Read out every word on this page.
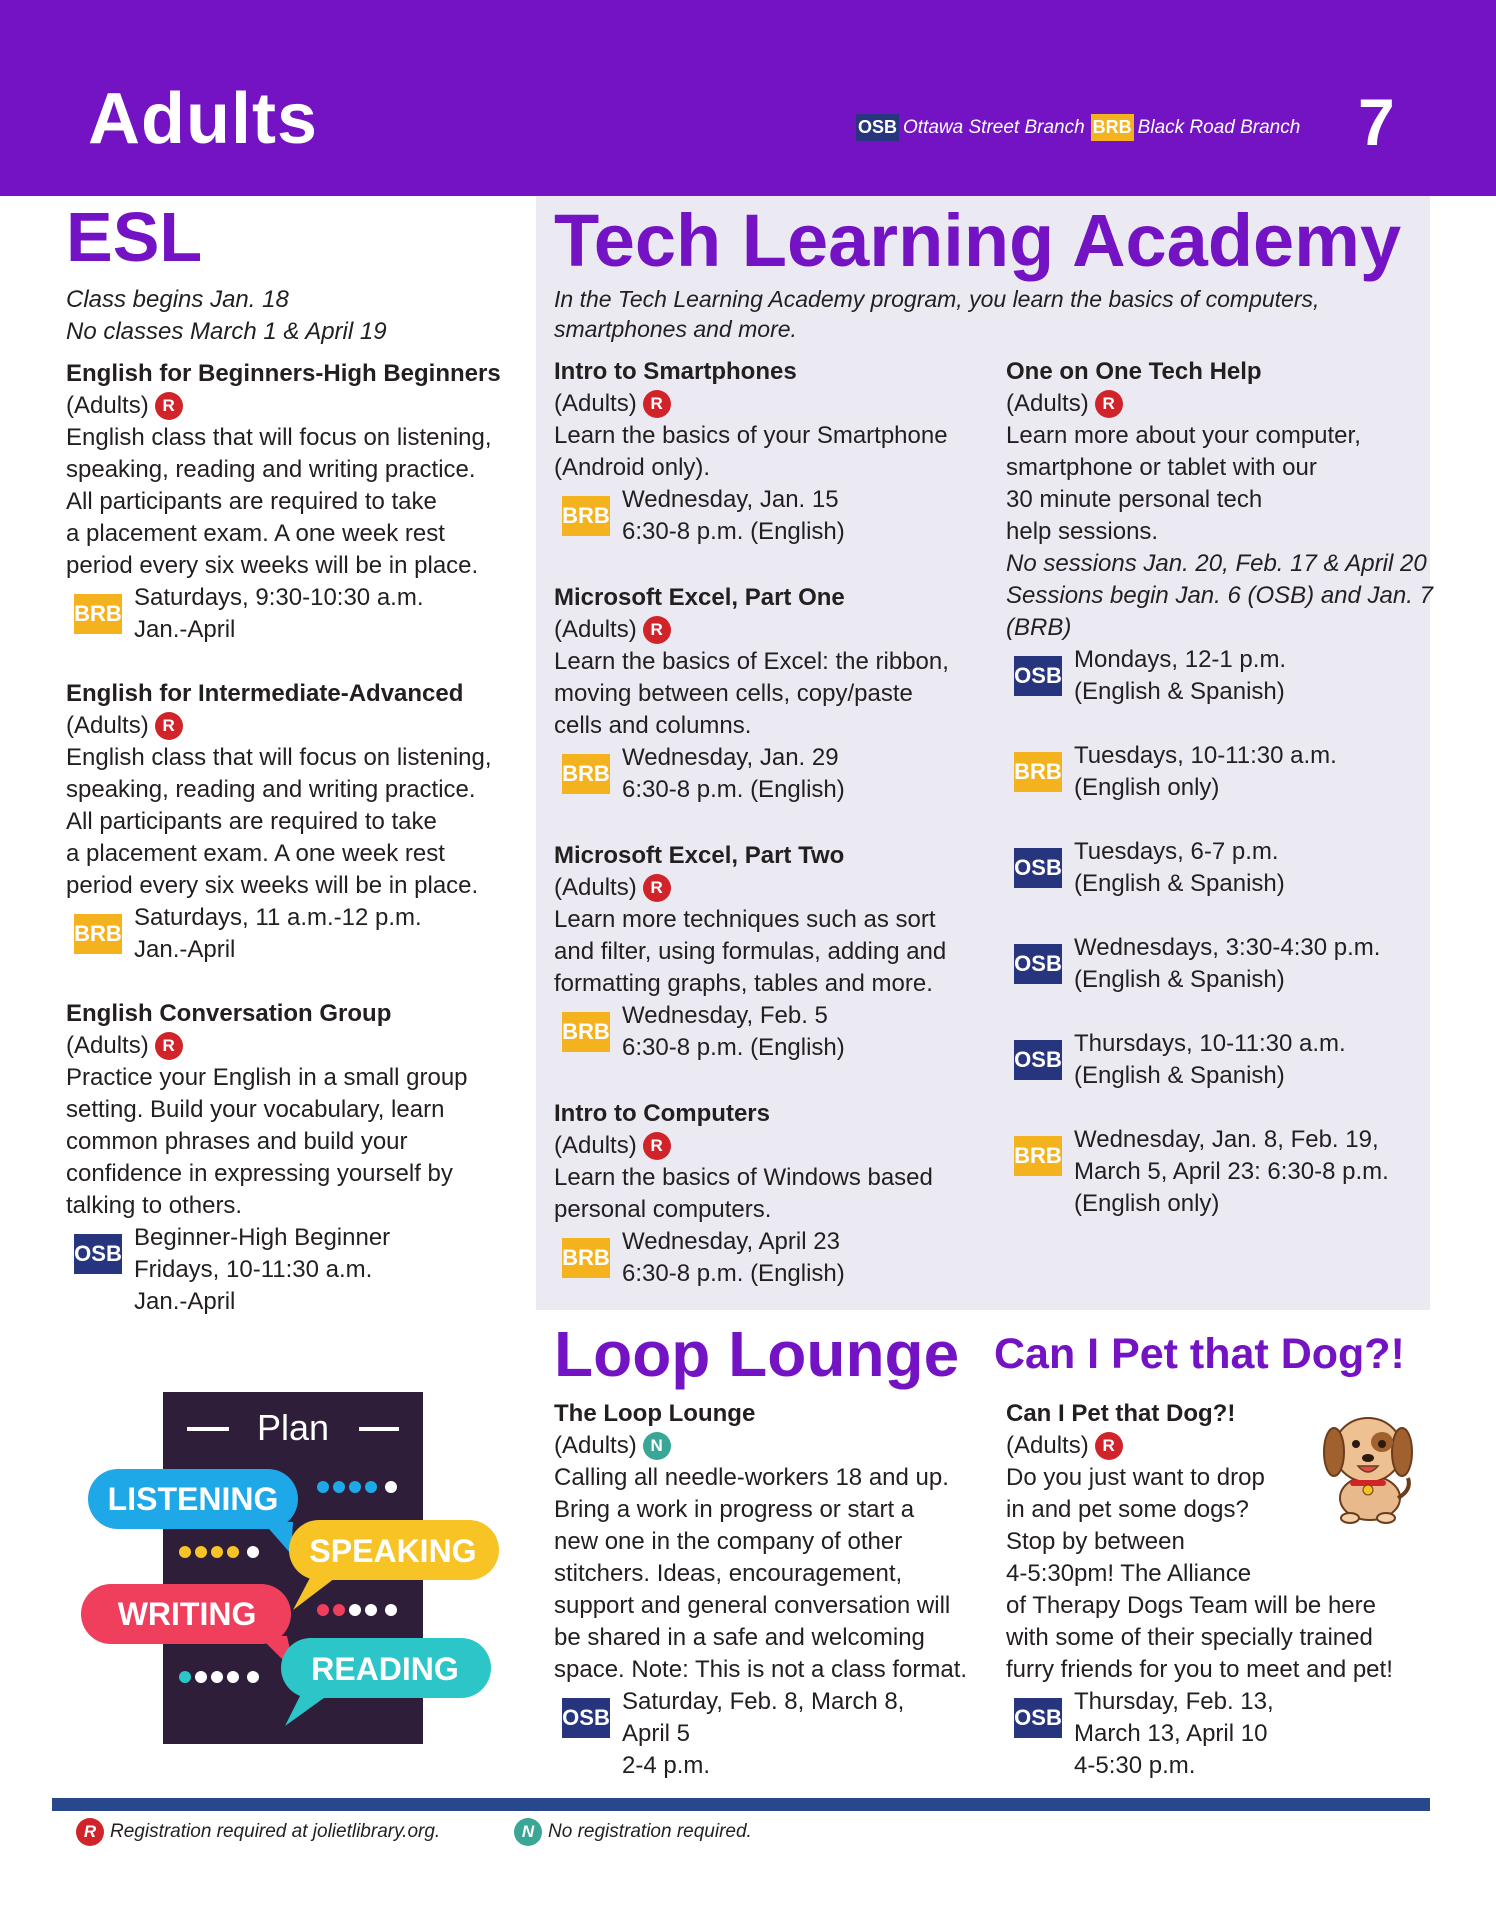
Adults	OSB Ottawa Street Branch BRB Black Road Branch 7
ESL
Class begins Jan. 18
No classes March 1 & April 19
English for Beginners-High Beginners
(Adults) R
English class that will focus on listening,
speaking, reading and writing practice.
All participants are required to take
a placement exam. A one week rest
period every six weeks will be in place.
BRB
Saturdays, 9:30-10:30 a.m.
Jan.-April
English for Intermediate-Advanced
(Adults) R
English class that will focus on listening,
speaking, reading and writing practice.
All participants are required to take
a placement exam. A one week rest
period every six weeks will be in place.
BRB
Saturdays, 11 a.m.-12 p.m.
Jan.-April
English Conversation Group
(Adults) R
Practice your English in a small group
setting. Build your vocabulary, learn
common phrases and build your
confidence in expressing yourself by
talking to others.
OSB
Beginner-High Beginner
Fridays, 10-11:30 a.m.
Jan.-April
Plan
LISTENING
SPEAKING
WRITING
READING
Tech Learning Academy
In the Tech Learning Academy program, you learn the basics of computers,
smartphones and more.
Intro to Smartphones
(Adults) R
Learn the basics of your Smartphone
(Android only).
BRB
Wednesday, Jan. 15
6:30-8 p.m. (English)
Microsoft Excel, Part One
(Adults) R
Learn the basics of Excel: the ribbon,
moving between cells, copy/paste
cells and columns.
BRB
Wednesday, Jan. 29
6:30-8 p.m. (English)
Microsoft Excel, Part Two
(Adults) R
Learn more techniques such as sort
and filter, using formulas, adding and
formatting graphs, tables and more.
BRB
Wednesday, Feb. 5
6:30-8 p.m. (English)
Intro to Computers
(Adults) R
Learn the basics of Windows based
personal computers.
BRB
Wednesday, April 23
6:30-8 p.m. (English)
One on One Tech Help
(Adults) R
Learn more about your computer,
smartphone or tablet with our
30 minute personal tech
help sessions.
No sessions Jan. 20, Feb. 17 & April 20
Sessions begin Jan. 6 (OSB) and Jan. 7
(BRB)
OSB
Mondays, 12-1 p.m.
(English & Spanish)
BRB
Tuesdays, 10-11:30 a.m.
(English only)
OSB
Tuesdays, 6-7 p.m.
(English & Spanish)
OSB
Wednesdays, 3:30-4:30 p.m.
(English & Spanish)
OSB
Thursdays, 10-11:30 a.m.
(English & Spanish)
BRB
Wednesday, Jan. 8, Feb. 19,
March 5, April 23: 6:30-8 p.m.
(English only)
Loop Lounge
The Loop Lounge
(Adults) N
Calling all needle-workers 18 and up.
Bring a work in progress or start a
new one in the company of other
stitchers. Ideas, encouragement,
support and general conversation will
be shared in a safe and welcoming
space. Note: This is not a class format.
OSB
Saturday, Feb. 8, March 8,
April 5
2-4 p.m.
Can I Pet that Dog?!
Can I Pet that Dog?!
(Adults) R
Do you just want to drop
in and pet some dogs?
Stop by between
4-5:30pm! The Alliance
of Therapy Dogs Team will be here
with some of their specially trained
furry friends for you to meet and pet!
OSB
Thursday, Feb. 13,
March 13, April 10
4-5:30 p.m.
R Registration required at jolietlibrary.org.	N No registration required.
